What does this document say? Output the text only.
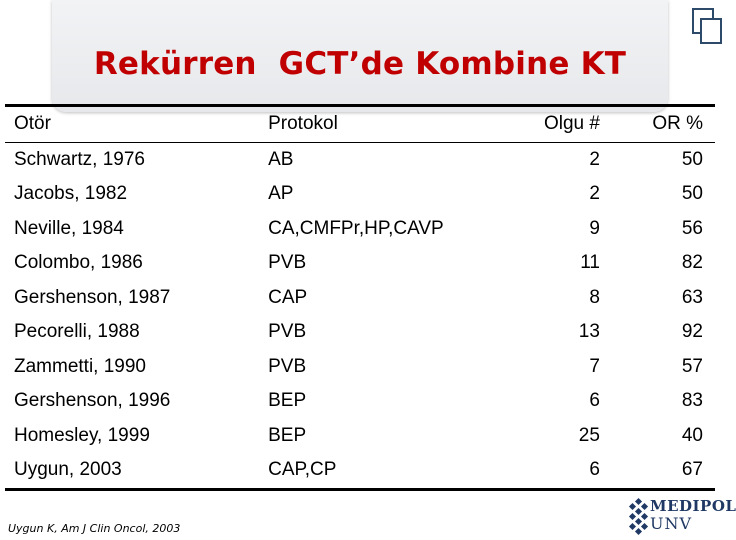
Rekürren  GCT’de Kombine KT
Otör	Protokol	Olgu #	OR %
Schwartz, 1976	AB	2	50
Jacobs, 1982	AP	2	50
Neville, 1984	CA,CMFPr,HP,CAVP	9	56
Colombo, 1986	PVB	11	82
Gershenson, 1987	CAP	8	63
Pecorelli, 1988	PVB	13	92
Zammetti, 1990	PVB	7	57
Gershenson, 1996	BEP	6	83
Homesley, 1999	BEP	25	40
Uygun, 2003	CAP,CP	6	67
Uygun K, Am J Clin Oncol, 2003
MEDIPOL
UNV
